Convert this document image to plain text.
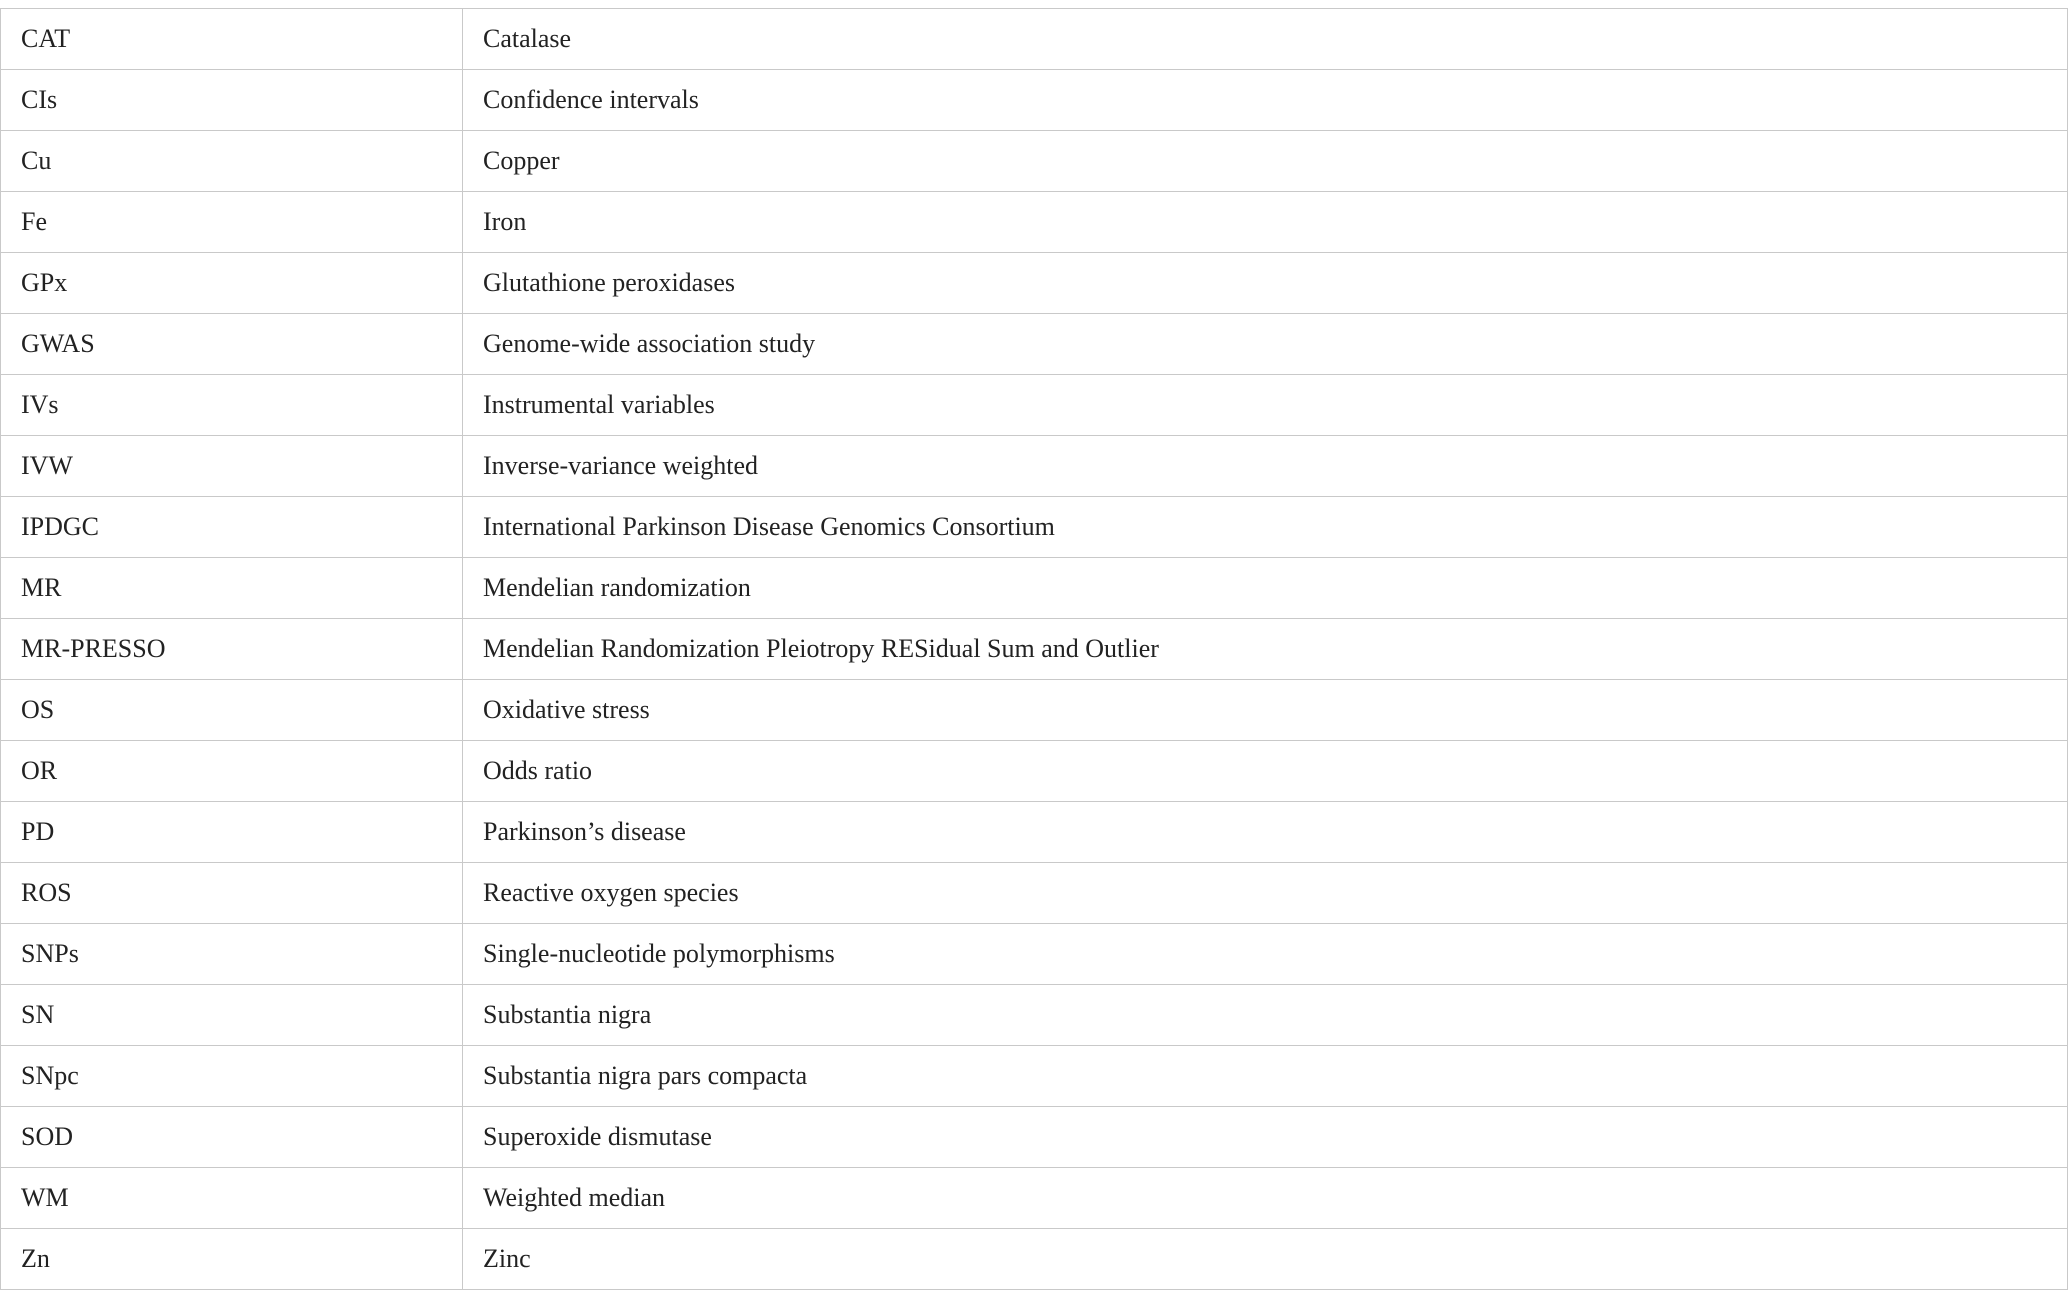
CAT	Catalase
CIs	Confidence intervals
Cu	Copper
Fe	Iron
GPx	Glutathione peroxidases
GWAS	Genome-wide association study
IVs	Instrumental variables
IVW	Inverse-variance weighted
IPDGC	International Parkinson Disease Genomics Consortium
MR	Mendelian randomization
MR-PRESSO	Mendelian Randomization Pleiotropy RESidual Sum and Outlier
OS	Oxidative stress
OR	Odds ratio
PD	Parkinson’s disease
ROS	Reactive oxygen species
SNPs	Single-nucleotide polymorphisms
SN	Substantia nigra
SNpc	Substantia nigra pars compacta
SOD	Superoxide dismutase
WM	Weighted median
Zn	Zinc
